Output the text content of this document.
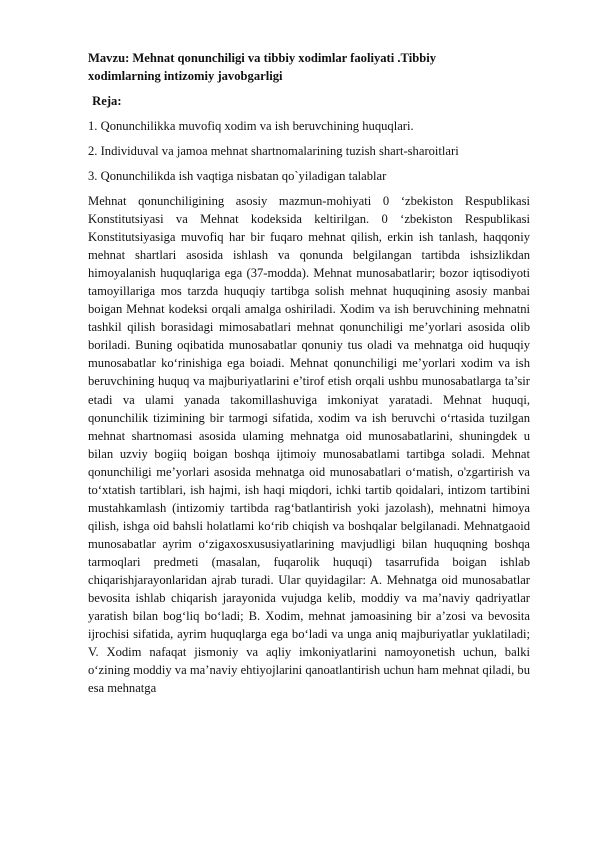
Mavzu: Mehnat qonunchiligi va tibbiy xodimlar faoliyati .Tibbiy
xodimlarning intizomiy javobgarligi
Reja:
1. Qonunchilikka muvofiq xodim va ish beruvchining huquqlari.
2. Individuval va jamoa mehnat shartnomalarining tuzish shart-sharoitlari
3. Qonunchilikda ish vaqtiga nisbatan qo`yiladigan talablar

Mehnat qonunchiligining asosiy mazmun-mohiyati 0 ‘zbekiston Respublikasi Konstitutsiyasi va Mehnat kodeksida keltirilgan. 0 ‘zbekiston Respublikasi Konstitutsiyasiga muvofiq har bir fuqaro mehnat qilish, erkin ish tanlash, haqqoniy mehnat shartlari asosida ishlash va qonunda belgilangan tartibda ishsizlikdan himoyalanish huquqlariga ega (37-modda). Mehnat munosabatlarir; bozor iqtisodiyoti tamoyillariga mos tarzda huquqiy tartibga solish mehnat huquqining asosiy manbai boigan Mehnat kodeksi orqali amalga oshiriladi. Xodim va ish beruvchining mehnatni tashkil qilish borasidagi mimosabatlari mehnat qonunchiligi me’yorlari asosida olib boriladi. Buning oqibatida munosabatlar qonuniy tus oladi va mehnatga oid huquqiy munosabatlar ko‘rinishiga ega boiadi. Mehnat qonunchiligi me’yorlari xodim va ish beruvchining huquq va majburiyatlarini e’tirof etish orqali ushbu munosabatlarga ta’sir etadi va ulami yanada takomillashuviga imkoniyat yaratadi. Mehnat huquqi, qonunchilik tizimining bir tarmogi sifatida, xodim va ish beruvchi o‘rtasida tuzilgan mehnat shartnomasi asosida ulaming mehnatga oid munosabatlarini, shuningdek u bilan uzviy bogiiq boigan boshqa ijtimoiy munosabatlami tartibga soladi. Mehnat qonunchiligi me’yorlari asosida mehnatga oid munosabatlari o‘matish, o'zgartirish va to‘xtatish tartiblari, ish hajmi, ish haqi miqdori, ichki tartib qoidalari, intizom tartibini mustahkamlash (intizomiy tartibda rag‘batlantirish yoki jazolash), mehnatni himoya qilish, ishga oid bahsli holatlami ko‘rib chiqish va boshqalar belgilanadi. Mehnatgaoid munosabatlar ayrim o‘zigaxosxususiyatlarining mavjudligi bilan huquqning boshqa tarmoqlari predmeti (masalan, fuqarolik huquqi) tasarrufida boigan ishlab chiqarishjarayonlaridan ajrab turadi. Ular quyidagilar: A. Mehnatga oid munosabatlar bevosita ishlab chiqarish jarayonida vujudga kelib, moddiy va ma’naviy qadriyatlar yaratish bilan bog‘liq bo‘ladi; B. Xodim, mehnat jamoasining bir a’zosi va bevosita ijrochisi sifatida, ayrim huquqlarga ega bo‘ladi va unga aniq majburiyatlar yuklatiladi; V. Xodim nafaqat jismoniy va aqliy imkoniyatlarini namoyonetish uchun, balki o‘zining moddiy va ma’naviy ehtiyojlarini qanoatlantirish uchun ham mehnat qiladi, bu esa mehnatga
